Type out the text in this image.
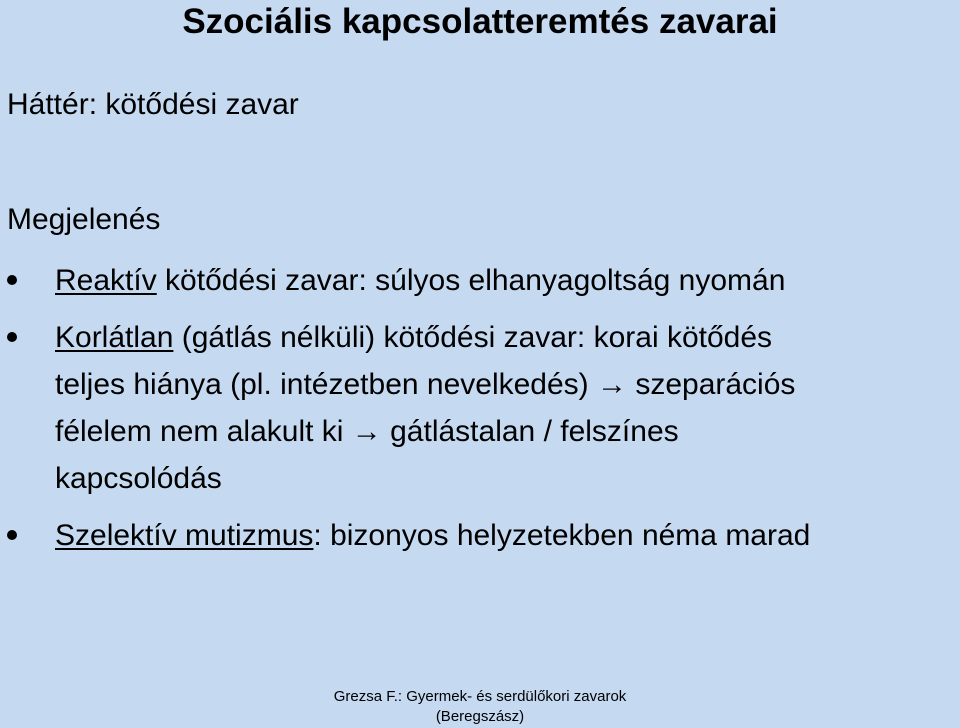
Szociális kapcsolatteremtés zavarai
Háttér: kötődési zavar
Megjelenés
Reaktív kötődési zavar: súlyos elhanyagoltság nyomán
Korlátlan (gátlás nélküli) kötődési zavar: korai kötődés
teljes hiánya (pl. intézetben nevelkedés) → szeparációs
félelem nem alakult ki → gátlástalan / felszínes
kapcsolódás
Szelektív mutizmus: bizonyos helyzetekben néma marad
Grezsa F.: Gyermek- és serdülőkori zavarok
(Beregszász)
